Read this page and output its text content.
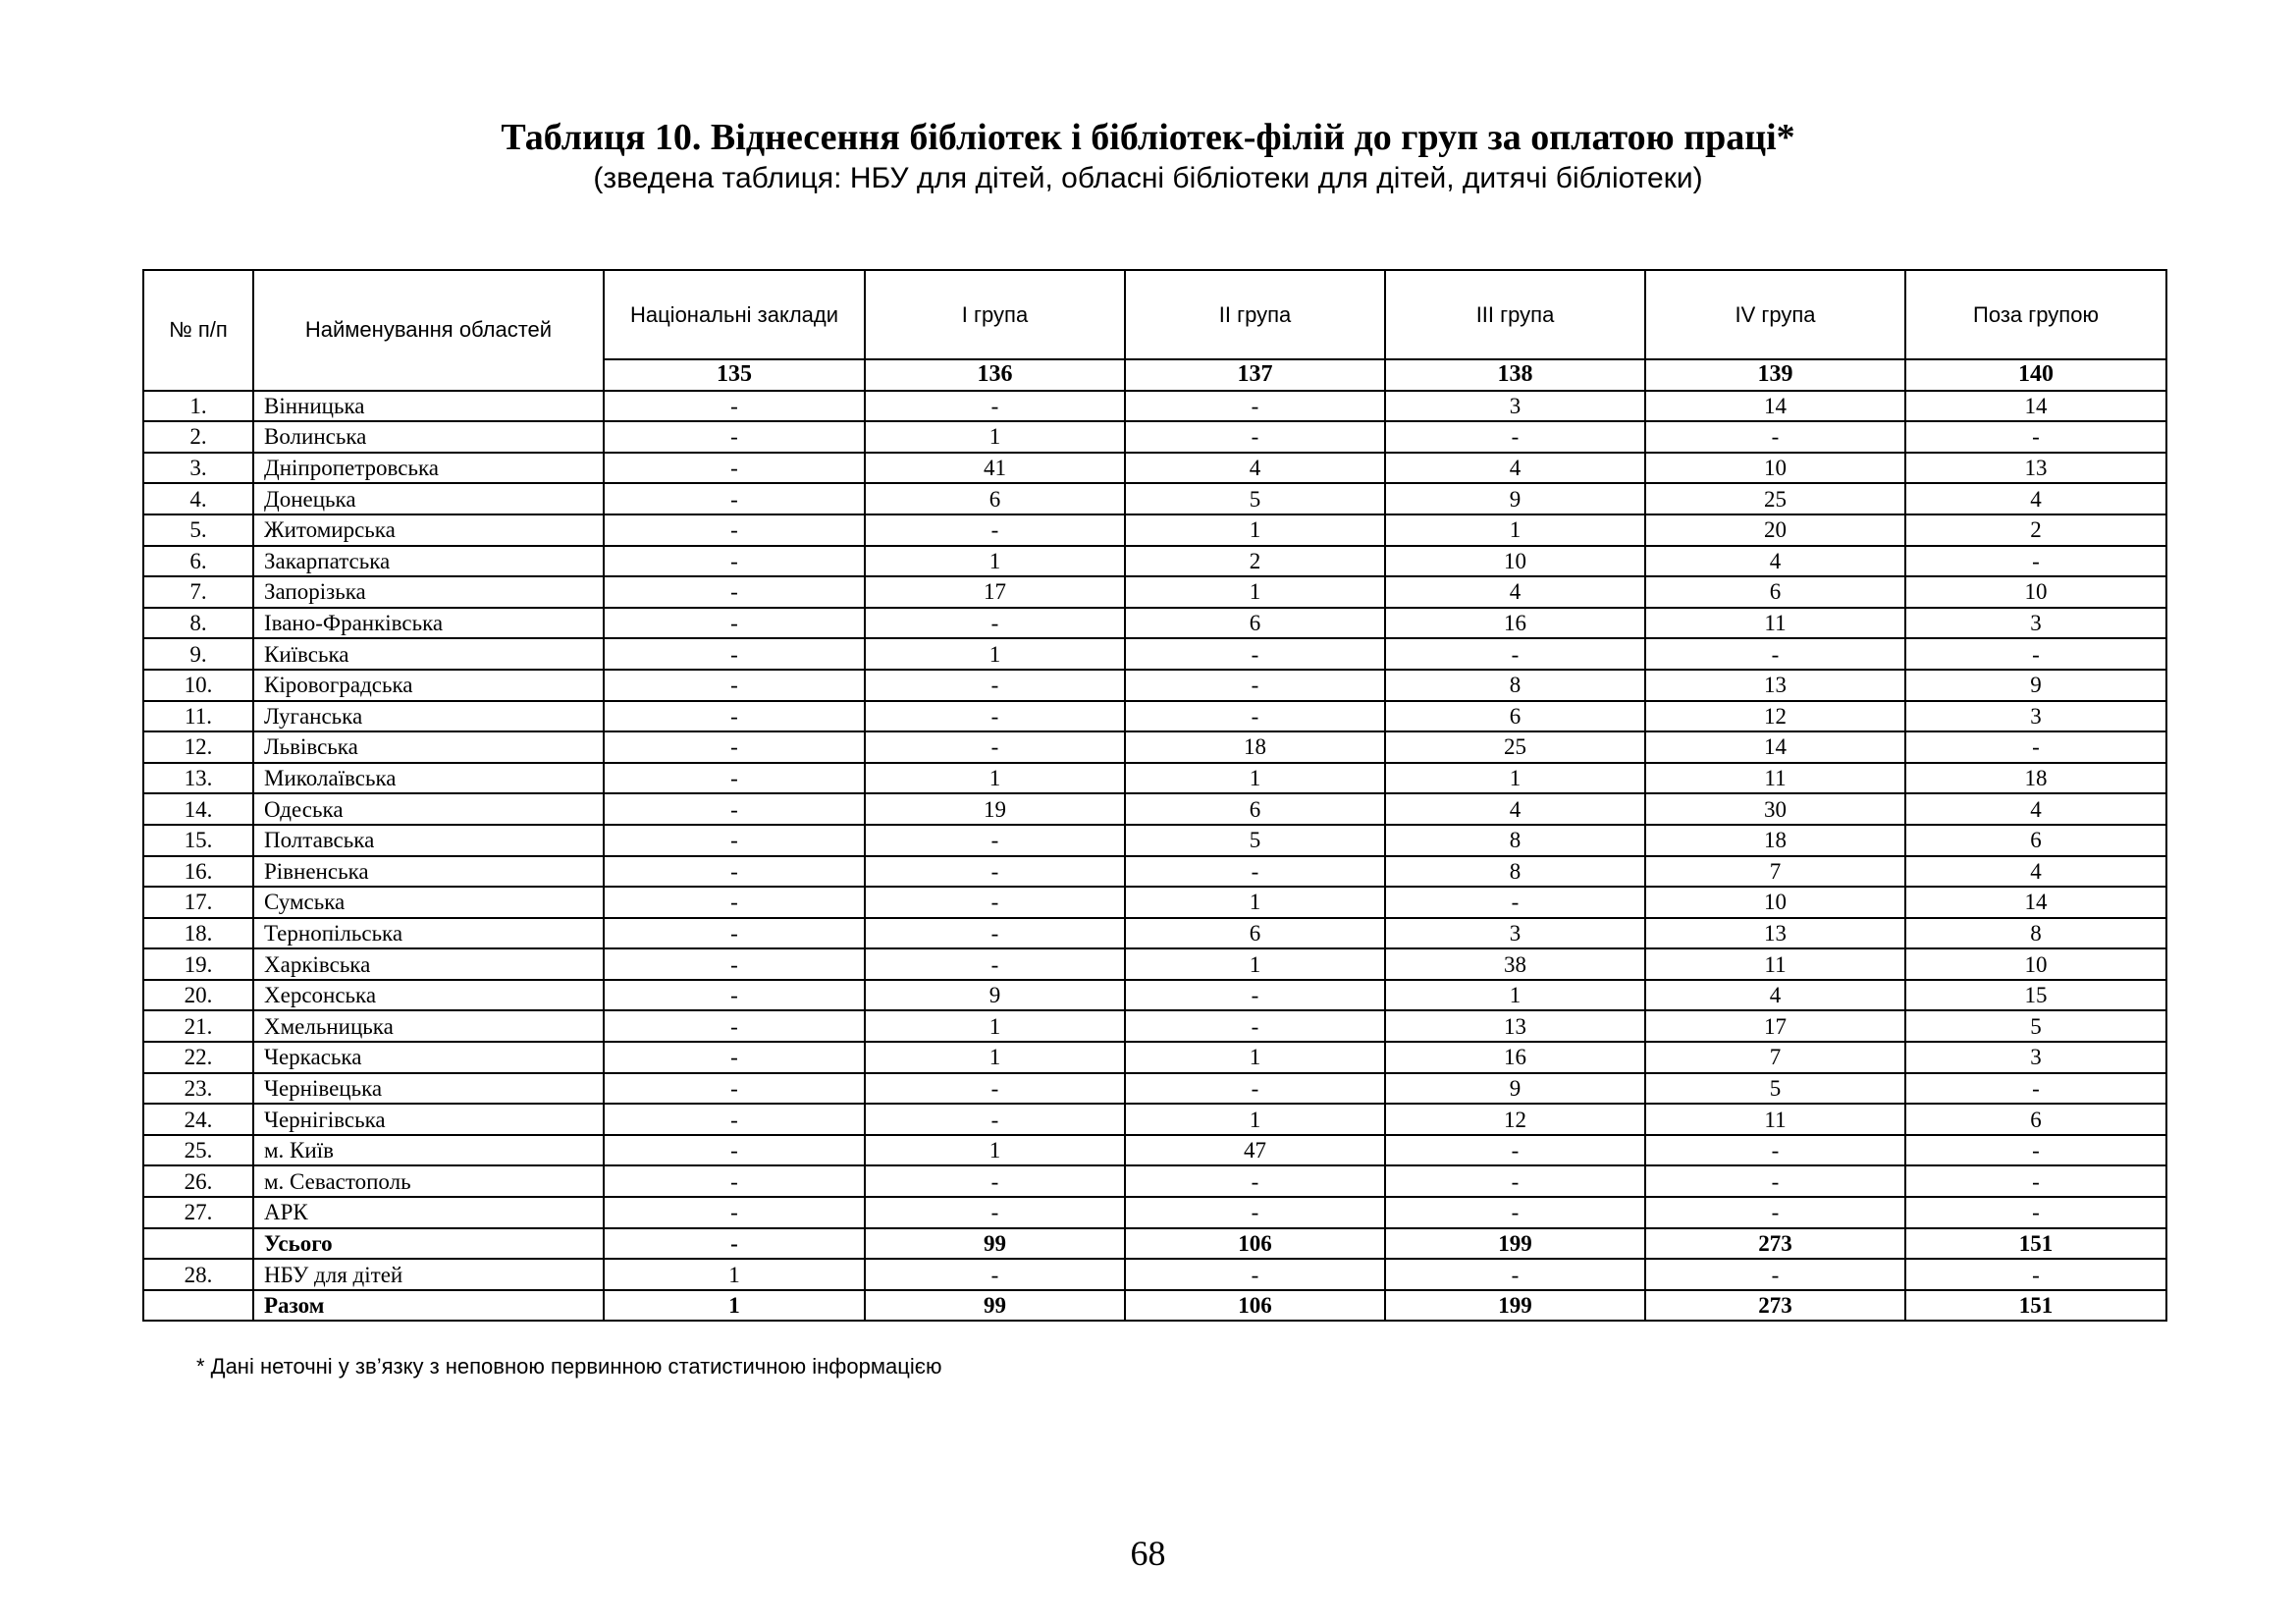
Таблиця 10. Віднесення бібліотек і бібліотек-філій до груп за оплатою праці*
(зведена таблиця: НБУ для дітей, обласні бібліотеки для дітей, дитячі бібліотеки)
№ п/п	Найменування областей	Національні заклади	І група	ІІ група	ІІІ група	IV група	Поза групою
		135	136	137	138	139	140
1.	Вінницька	-	-	-	3	14	14
2.	Волинська	-	1	-	-	-	-
3.	Дніпропетровська	-	41	4	4	10	13
4.	Донецька	-	6	5	9	25	4
5.	Житомирська	-	-	1	1	20	2
6.	Закарпатська	-	1	2	10	4	-
7.	Запорізька	-	17	1	4	6	10
8.	Івано-Франківська	-	-	6	16	11	3
9.	Київська	-	1	-	-	-	-
10.	Кіровоградська	-	-	-	8	13	9
11.	Луганська	-	-	-	6	12	3
12.	Львівська	-	-	18	25	14	-
13.	Миколаївська	-	1	1	1	11	18
14.	Одеська	-	19	6	4	30	4
15.	Полтавська	-	-	5	8	18	6
16.	Рівненська	-	-	-	8	7	4
17.	Сумська	-	-	1	-	10	14
18.	Тернопільська	-	-	6	3	13	8
19.	Харківська	-	-	1	38	11	10
20.	Херсонська	-	9	-	1	4	15
21.	Хмельницька	-	1	-	13	17	5
22.	Черкаська	-	1	1	16	7	3
23.	Чернівецька	-	-	-	9	5	-
24.	Чернігівська	-	-	1	12	11	6
25.	м. Київ	-	1	47	-	-	-
26.	м. Севастополь	-	-	-	-	-	-
27.	АРК	-	-	-	-	-	-
	Усього	-	99	106	199	273	151
28.	НБУ для дітей	1	-	-	-	-	-
	Разом	1	99	106	199	273	151
* Дані неточні у зв’язку з неповною первинною статистичною інформацією
68
